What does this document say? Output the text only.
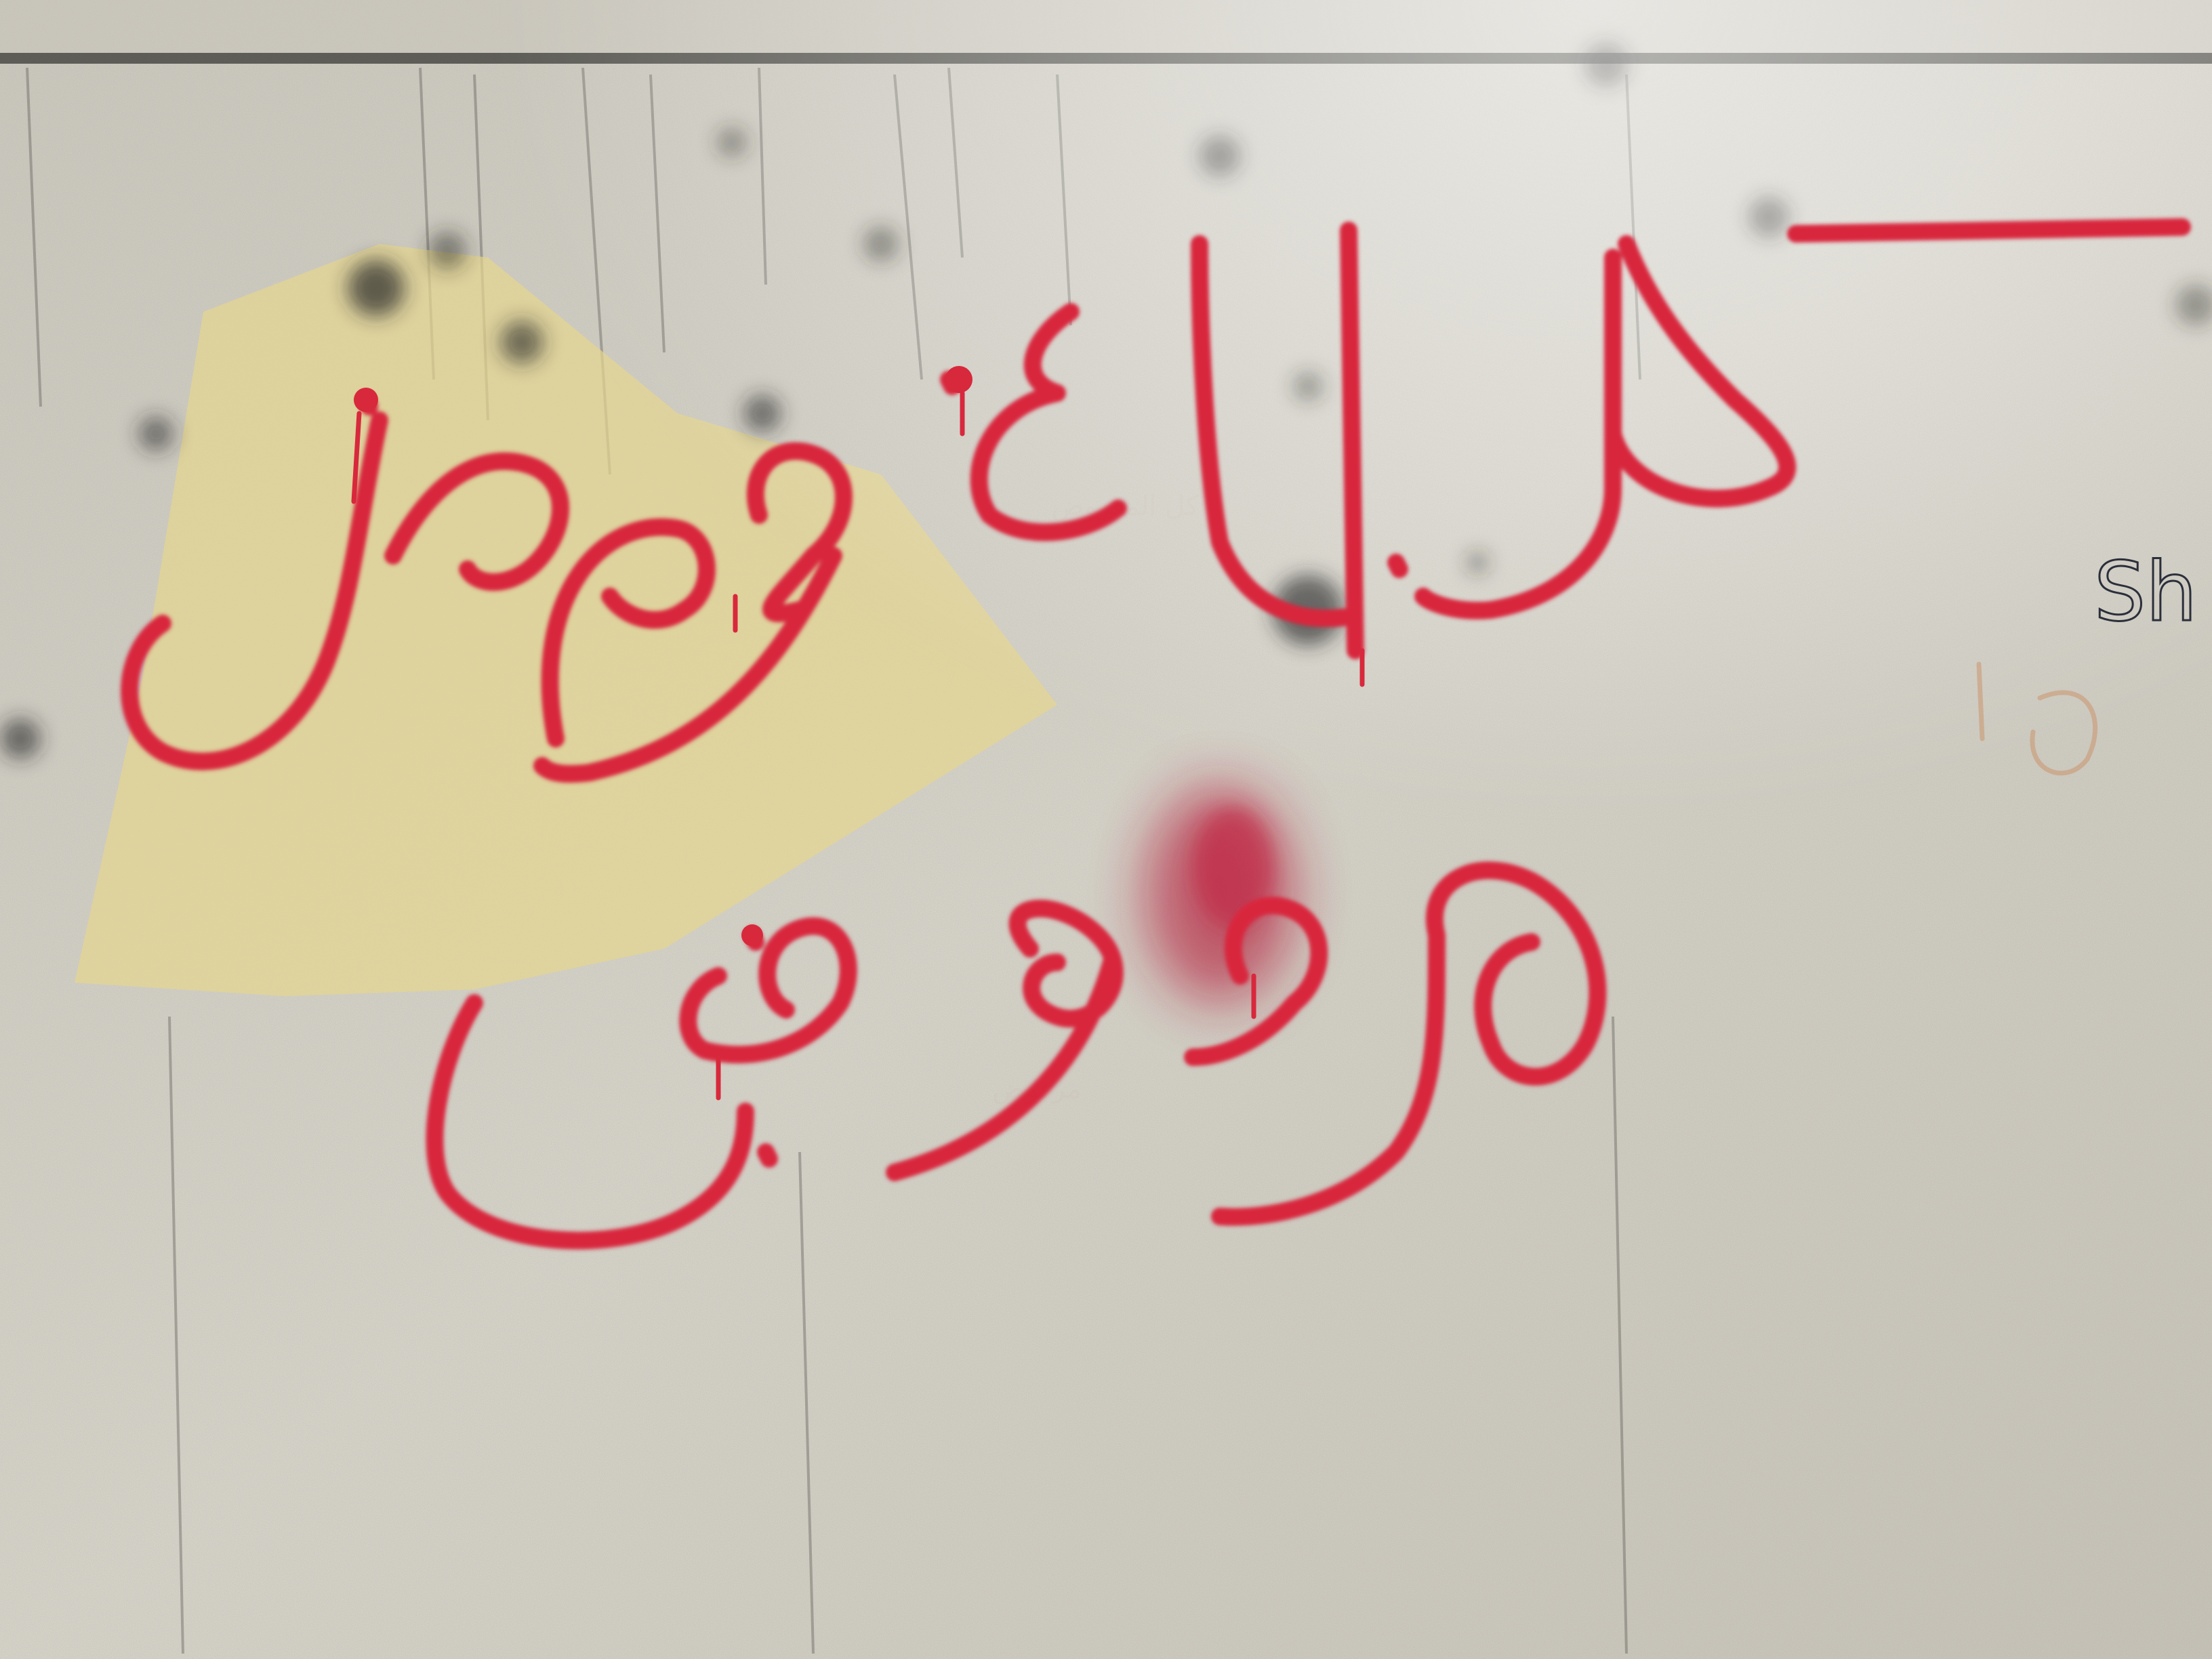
Sh
كل المعروض
مرفوض
